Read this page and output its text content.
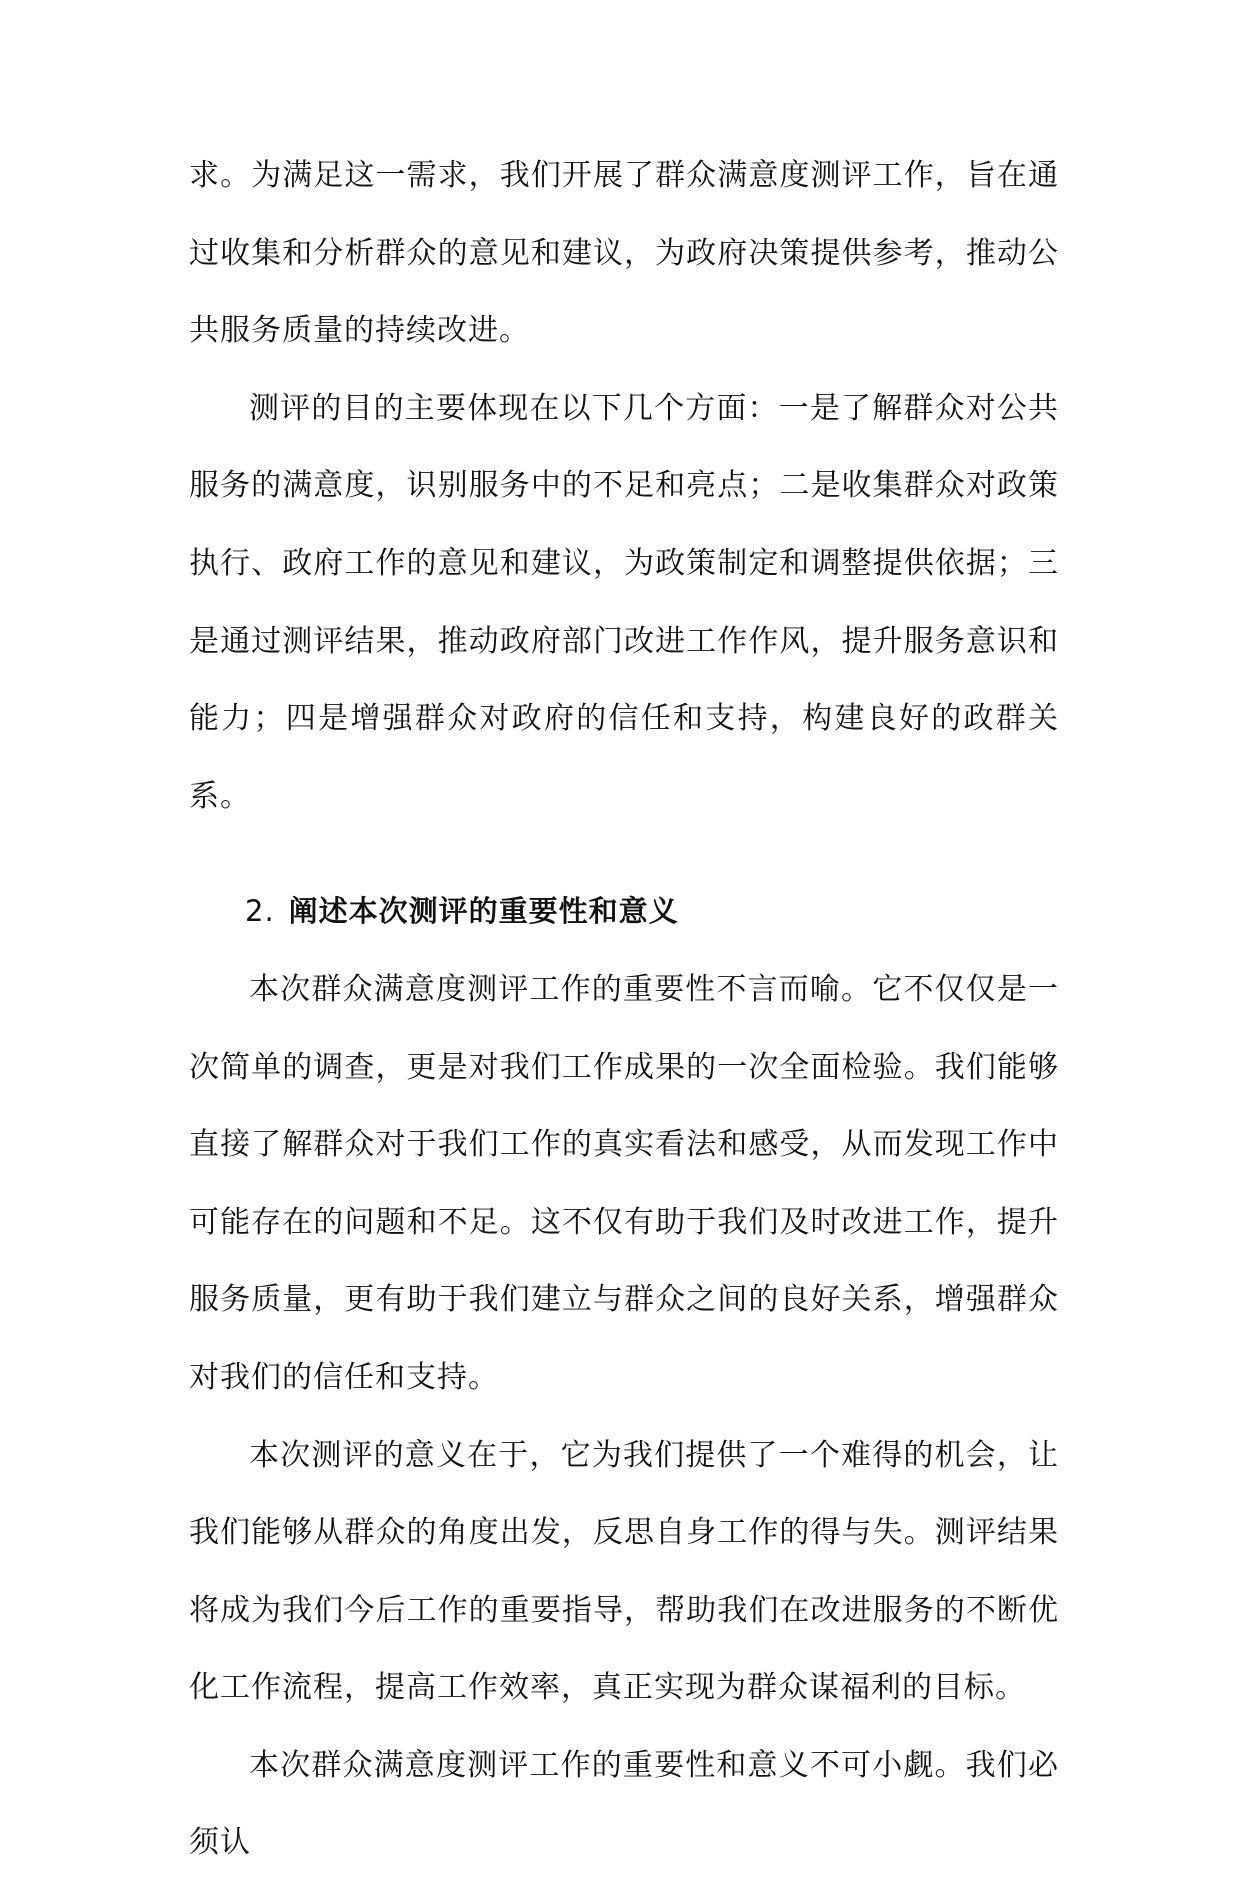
求。为满足这一需求，我们开展了群众满意度测评工作，旨在通过收集和分析群众的意见和建议，为政府决策提供参考，推动公共服务质量的持续改进。

测评的目的主要体现在以下几个方面：一是了解群众对公共服务的满意度，识别服务中的不足和亮点；二是收集群众对政策执行、政府工作的意见和建议，为政策制定和调整提供依据；三是通过测评结果，推动政府部门改进工作作风，提升服务意识和能力；四是增强群众对政府的信任和支持，构建良好的政群关系。

2. 阐述本次测评的重要性和意义

本次群众满意度测评工作的重要性不言而喻。它不仅仅是一次简单的调查，更是对我们工作成果的一次全面检验。我们能够直接了解群众对于我们工作的真实看法和感受，从而发现工作中可能存在的问题和不足。这不仅有助于我们及时改进工作，提升服务质量，更有助于我们建立与群众之间的良好关系，增强群众对我们的信任和支持。

本次测评的意义在于，它为我们提供了一个难得的机会，让我们能够从群众的角度出发，反思自身工作的得与失。测评结果将成为我们今后工作的重要指导，帮助我们在改进服务的不断优化工作流程，提高工作效率，真正实现为群众谋福利的目标。

本次群众满意度测评工作的重要性和意义不可小觑。我们必须认
